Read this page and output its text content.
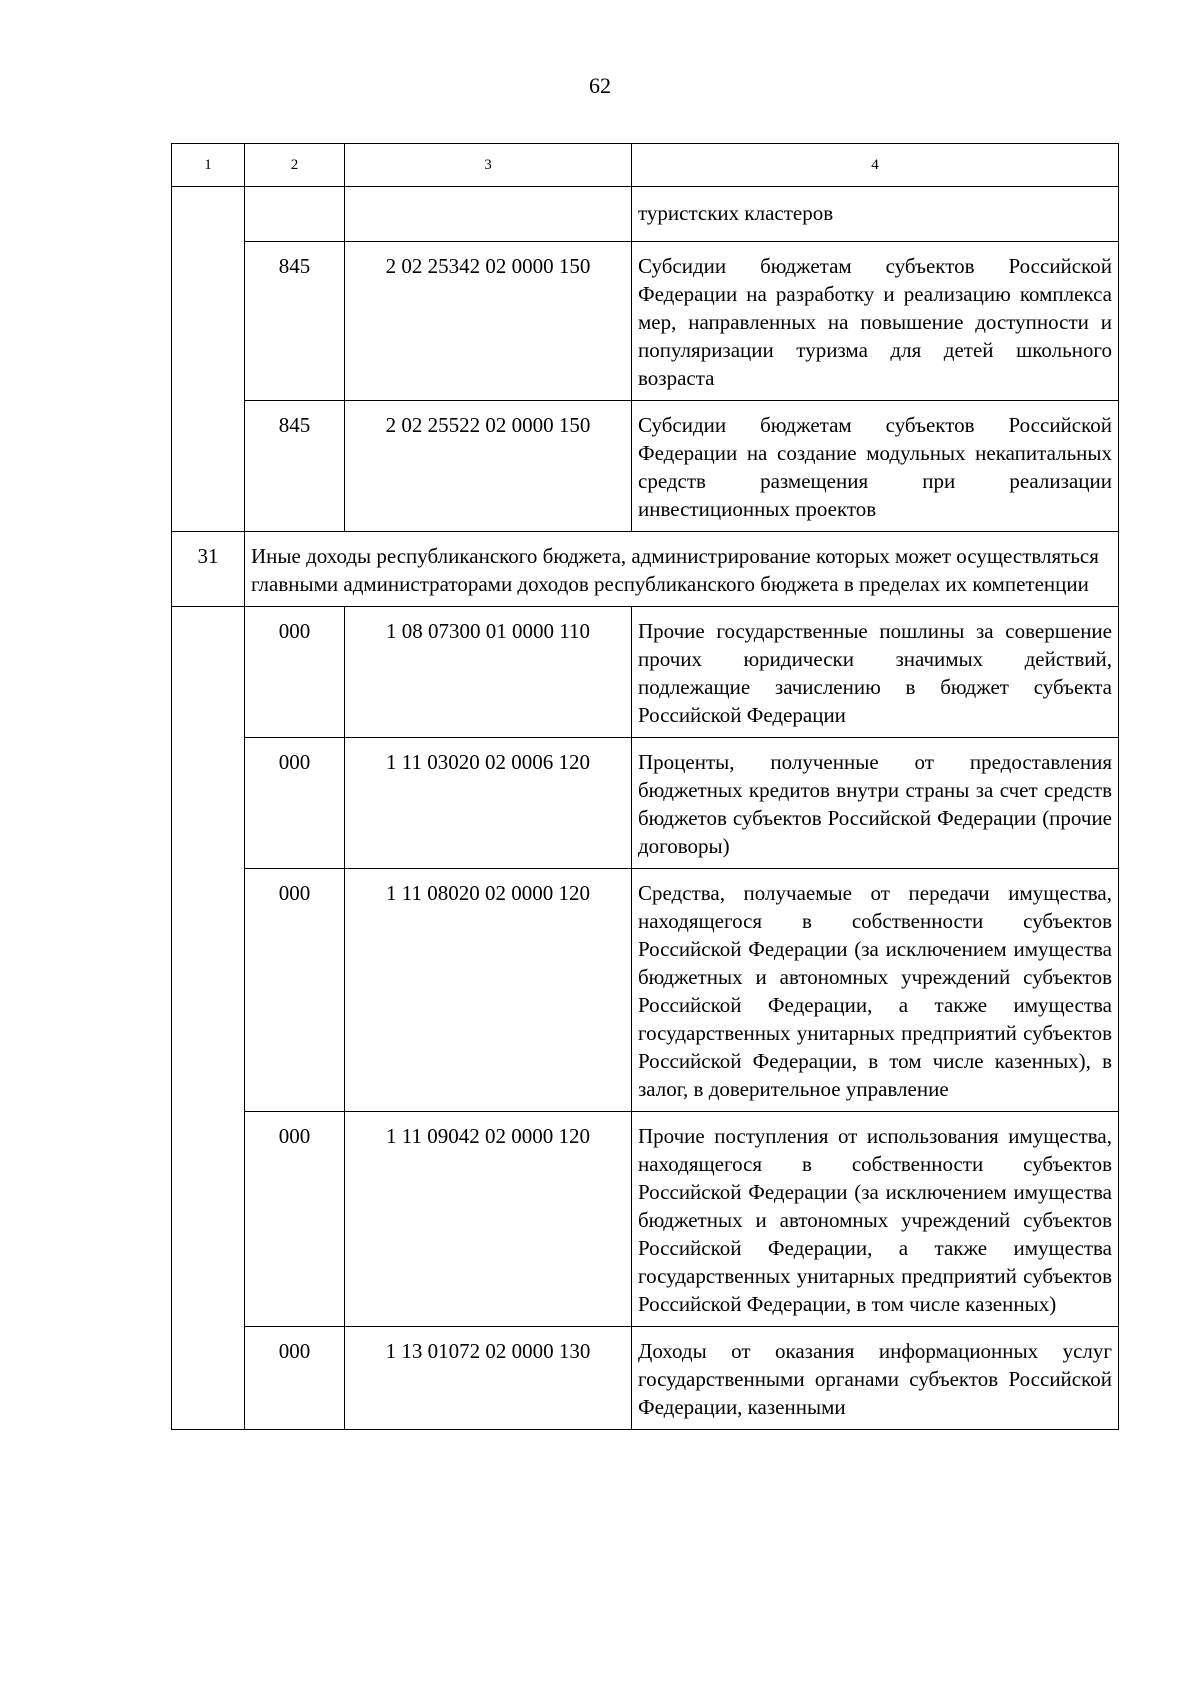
62
1	2	3	4
			туристских кластеров
	845	2 02 25342 02 0000 150	Субсидии бюджетам субъектов Российской Федерации на разработку и реализацию комплекса мер, направленных на повышение доступности и популяризации туризма для детей школьного возраста
	845	2 02 25522 02 0000 150	Субсидии бюджетам субъектов Российской Федерации на создание модульных некапитальных средств размещения при реализации инвестиционных проектов
31	Иные доходы республиканского бюджета, администрирование которых может осуществляться главными администраторами доходов республиканского бюджета в пределах их компетенции		
	000	1 08 07300 01 0000 110	Прочие государственные пошлины за совершение прочих юридически значимых действий, подлежащие зачислению в бюджет субъекта Российской Федерации
	000	1 11 03020 02 0006 120	Проценты, полученные от предоставления бюджетных кредитов внутри страны за счет средств бюджетов субъектов Российской Федерации (прочие договоры)
	000	1 11 08020 02 0000 120	Средства, получаемые от передачи имущества, находящегося в собственности субъектов Российской Федерации (за исключением имущества бюджетных и автономных учреждений субъектов Российской Федерации, а также имущества государственных унитарных предприятий субъектов Российской Федерации, в том числе казенных), в залог, в доверительное управление
	000	1 11 09042 02 0000 120	Прочие поступления от использования имущества, находящегося в собственности субъектов Российской Федерации (за исключением имущества бюджетных и автономных учреждений субъектов Российской Федерации, а также имущества государственных унитарных предприятий субъектов Российской Федерации, в том числе казенных)
	000	1 13 01072 02 0000 130	Доходы от оказания информационных услуг государственными органами субъектов Российской Федерации, казенными
